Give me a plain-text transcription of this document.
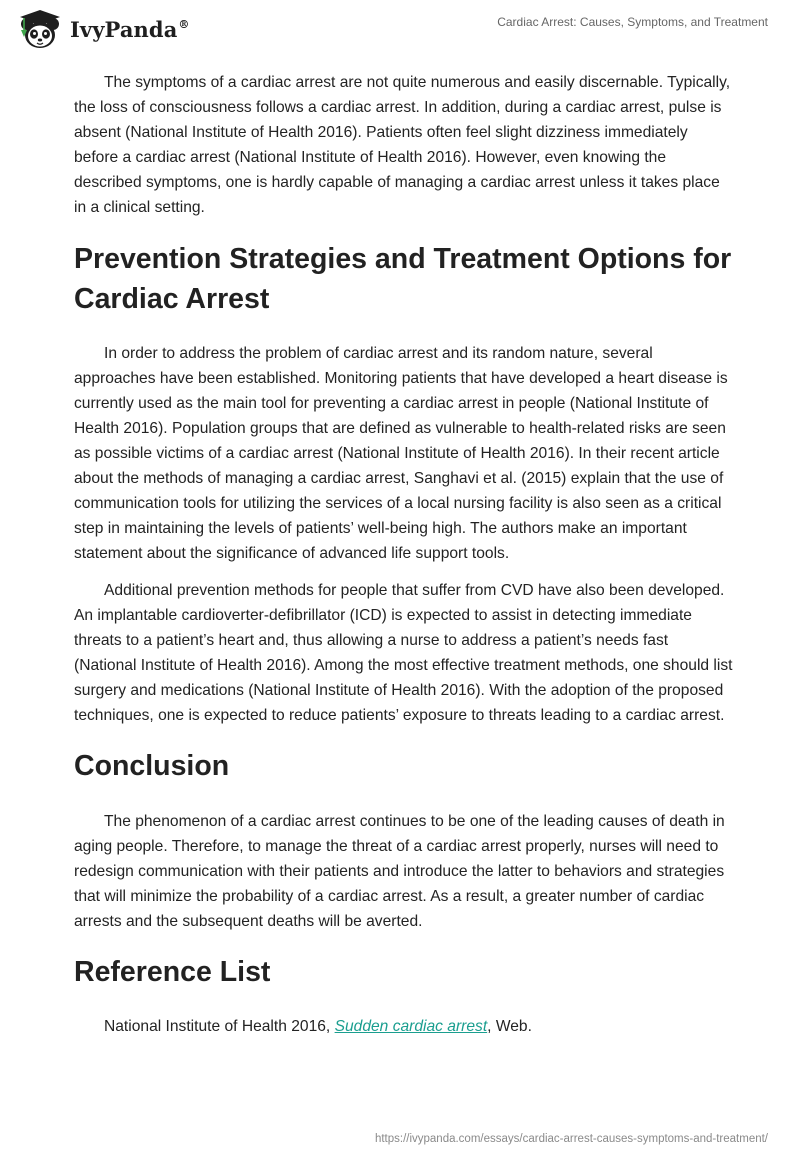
IvyPanda®	Cardiac Arrest: Causes, Symptoms, and Treatment

The symptoms of a cardiac arrest are not quite numerous and easily discernable. Typically, the loss of consciousness follows a cardiac arrest. In addition, during a cardiac arrest, pulse is absent (National Institute of Health 2016). Patients often feel slight dizziness immediately before a cardiac arrest (National Institute of Health 2016). However, even knowing the described symptoms, one is hardly capable of managing a cardiac arrest unless it takes place in a clinical setting.

Prevention Strategies and Treatment Options for Cardiac Arrest

In order to address the problem of cardiac arrest and its random nature, several approaches have been established. Monitoring patients that have developed a heart disease is currently used as the main tool for preventing a cardiac arrest in people (National Institute of Health 2016). Population groups that are defined as vulnerable to health-related risks are seen as possible victims of a cardiac arrest (National Institute of Health 2016). In their recent article about the methods of managing a cardiac arrest, Sanghavi et al. (2015) explain that the use of communication tools for utilizing the services of a local nursing facility is also seen as a critical step in maintaining the levels of patients’ well-being high. The authors make an important statement about the significance of advanced life support tools.

Additional prevention methods for people that suffer from CVD have also been developed. An implantable cardioverter-defibrillator (ICD) is expected to assist in detecting immediate threats to a patient’s heart and, thus allowing a nurse to address a patient’s needs fast (National Institute of Health 2016). Among the most effective treatment methods, one should list surgery and medications (National Institute of Health 2016). With the adoption of the proposed techniques, one is expected to reduce patients’ exposure to threats leading to a cardiac arrest.

Conclusion

The phenomenon of a cardiac arrest continues to be one of the leading causes of death in aging people. Therefore, to manage the threat of a cardiac arrest properly, nurses will need to redesign communication with their patients and introduce the latter to behaviors and strategies that will minimize the probability of a cardiac arrest. As a result, a greater number of cardiac arrests and the subsequent deaths will be averted.

Reference List

National Institute of Health 2016, Sudden cardiac arrest, Web.

https://ivypanda.com/essays/cardiac-arrest-causes-symptoms-and-treatment/
